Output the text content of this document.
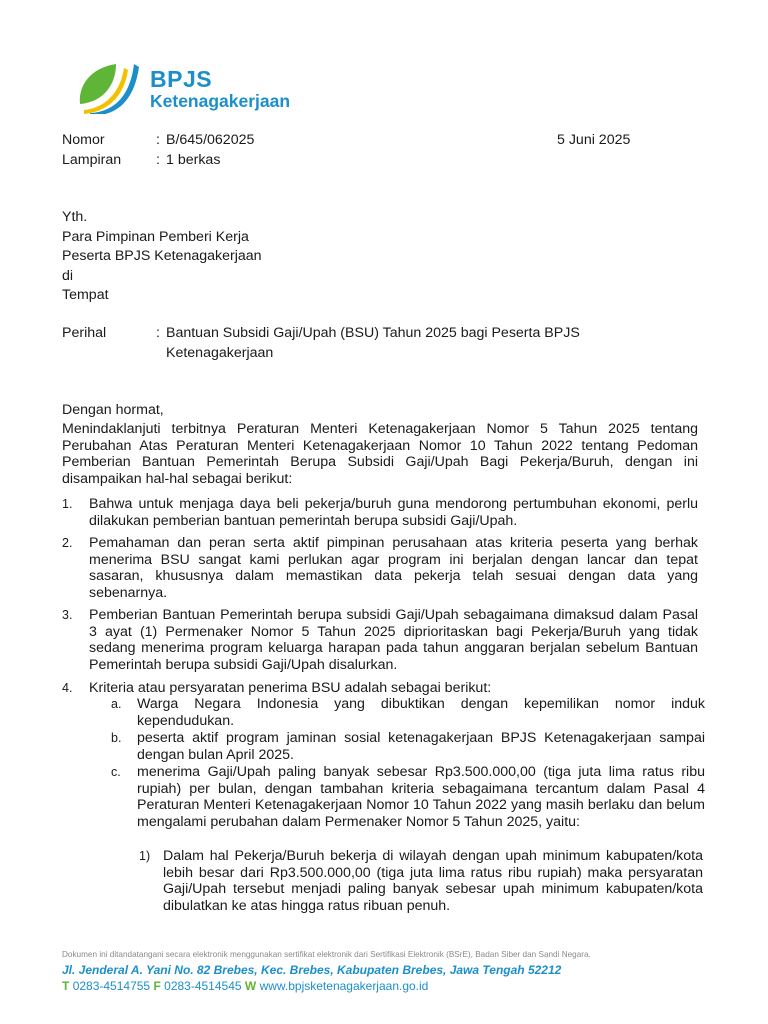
BPJS
Ketenagakerjaan
Nomor	: B/645/062025	5 Juni 2025
Lampiran : 1 berkas
Yth.
Para Pimpinan Pemberi Kerja
Peserta BPJS Ketenagakerjaan
di
Tempat
Perihal	: Bantuan Subsidi Gaji/Upah (BSU) Tahun 2025 bagi Peserta BPJS
Ketenagakerjaan
Dengan hormat,
Menindaklanjuti terbitnya Peraturan Menteri Ketenagakerjaan Nomor 5 Tahun 2025 tentang Perubahan Atas Peraturan Menteri Ketenagakerjaan Nomor 10 Tahun 2022 tentang Pedoman Pemberian Bantuan Pemerintah Berupa Subsidi Gaji/Upah Bagi Pekerja/Buruh, dengan ini disampaikan hal-hal sebagai berikut:
1. Bahwa untuk menjaga daya beli pekerja/buruh guna mendorong pertumbuhan ekonomi, perlu dilakukan pemberian bantuan pemerintah berupa subsidi Gaji/Upah.
2. Pemahaman dan peran serta aktif pimpinan perusahaan atas kriteria peserta yang berhak menerima BSU sangat kami perlukan agar program ini berjalan dengan lancar dan tepat sasaran, khususnya dalam memastikan data pekerja telah sesuai dengan data yang sebenarnya.
3. Pemberian Bantuan Pemerintah berupa subsidi Gaji/Upah sebagaimana dimaksud dalam Pasal 3 ayat (1) Permenaker Nomor 5 Tahun 2025 diprioritaskan bagi Pekerja/Buruh yang tidak sedang menerima program keluarga harapan pada tahun anggaran berjalan sebelum Bantuan Pemerintah berupa subsidi Gaji/Upah disalurkan.
4. Kriteria atau persyaratan penerima BSU adalah sebagai berikut:
a. Warga Negara Indonesia yang dibuktikan dengan kepemilikan nomor induk kependudukan.
b. peserta aktif program jaminan sosial ketenagakerjaan BPJS Ketenagakerjaan sampai dengan bulan April 2025.
c. menerima Gaji/Upah paling banyak sebesar Rp3.500.000,00 (tiga juta lima ratus ribu rupiah) per bulan, dengan tambahan kriteria sebagaimana tercantum dalam Pasal 4 Peraturan Menteri Ketenagakerjaan Nomor 10 Tahun 2022 yang masih berlaku dan belum mengalami perubahan dalam Permenaker Nomor 5 Tahun 2025, yaitu:
1) Dalam hal Pekerja/Buruh bekerja di wilayah dengan upah minimum kabupaten/kota lebih besar dari Rp3.500.000,00 (tiga juta lima ratus ribu rupiah) maka persyaratan Gaji/Upah tersebut menjadi paling banyak sebesar upah minimum kabupaten/kota dibulatkan ke atas hingga ratus ribuan penuh.
Dokumen ini ditandatangani secara elektronik menggunakan sertifikat elektronik dari Sertifikasi Elektronik (BSrE), Badan Siber dan Sandi Negara.
Jl. Jenderal A. Yani No. 82 Brebes, Kec. Brebes, Kabupaten Brebes, Jawa Tengah 52212
T 0283-4514755 F 0283-4514545 W www.bpjsketenagakerjaan.go.id
